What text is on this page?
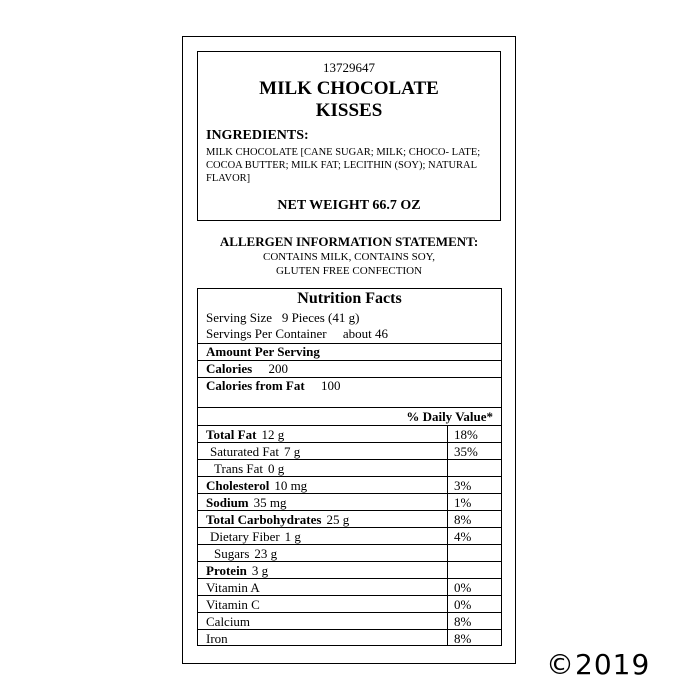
13729647
MILK CHOCOLATE
KISSES
INGREDIENTS:
MILK CHOCOLATE [CANE SUGAR; MILK; CHOCO- LATE; COCOA BUTTER; MILK FAT; LECITHIN (SOY); NATURAL FLAVOR]
NET WEIGHT 66.7 OZ
ALLERGEN INFORMATION STATEMENT:
CONTAINS MILK, CONTAINS SOY,
GLUTEN FREE CONFECTION
Nutrition Facts
Serving Size 9 Pieces (41 g)
Servings Per Container about 46
Amount Per Serving
Calories 200
Calories from Fat 100
% Daily Value*
Total Fat 12 g	18%
Saturated Fat 7 g	35%
Trans Fat 0 g
Cholesterol 10 mg	3%
Sodium 35 mg	1%
Total Carbohydrates 25 g	8%
Dietary Fiber 1 g	4%
Sugars 23 g
Protein 3 g
Vitamin A	0%
Vitamin C	0%
Calcium	8%
Iron	8%
©2019
